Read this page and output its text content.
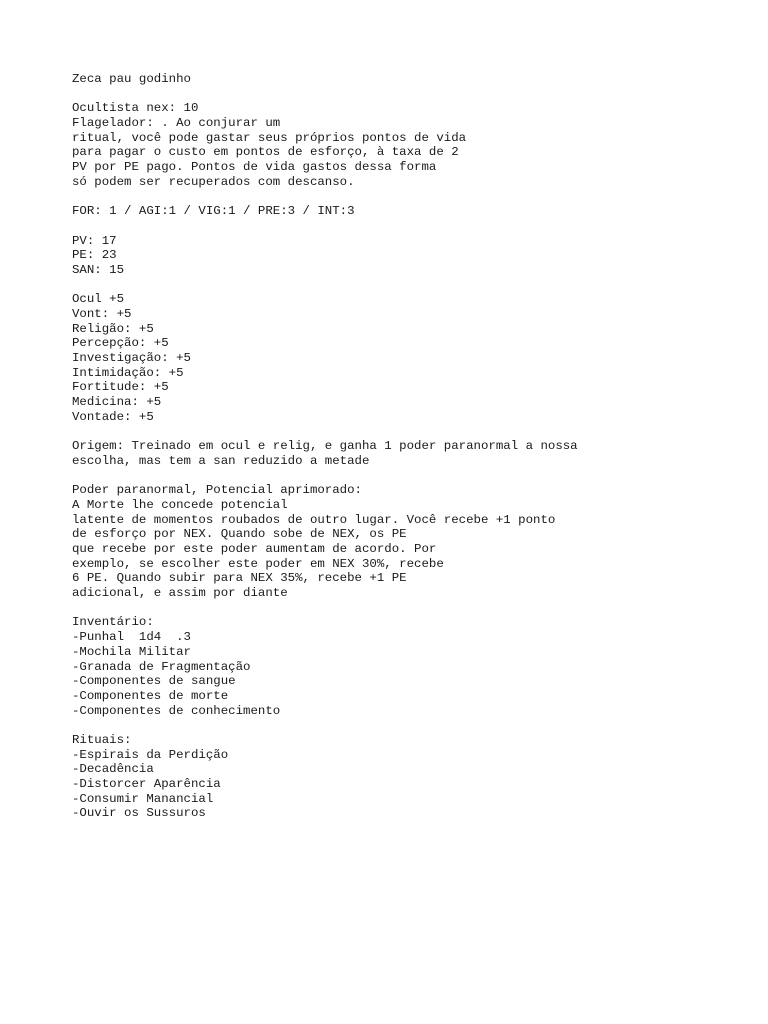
Zeca pau godinho
Ocultista nex: 10
Flagelador: . Ao conjurar um
ritual, você pode gastar seus próprios pontos de vida
para pagar o custo em pontos de esforço, à taxa de 2
PV por PE pago. Pontos de vida gastos dessa forma
só podem ser recuperados com descanso.
FOR: 1 / AGI:1 / VIG:1 / PRE:3 / INT:3
PV: 17
PE: 23
SAN: 15
Ocul +5
Vont: +5
Religão: +5
Percepção: +5
Investigação: +5
Intimidação: +5
Fortitude: +5
Medicina: +5
Vontade: +5
Origem: Treinado em ocul e relig, e ganha 1 poder paranormal a nossa
escolha, mas tem a san reduzido a metade
Poder paranormal, Potencial aprimorado:
A Morte lhe concede potencial
latente de momentos roubados de outro lugar. Você recebe +1 ponto
de esforço por NEX. Quando sobe de NEX, os PE
que recebe por este poder aumentam de acordo. Por
exemplo, se escolher este poder em NEX 30%, recebe
6 PE. Quando subir para NEX 35%, recebe +1 PE
adicional, e assim por diante
Inventário:
-Punhal  1d4  .3
-Mochila Militar
-Granada de Fragmentação
-Componentes de sangue
-Componentes de morte
-Componentes de conhecimento
Rituais:
-Espirais da Perdição
-Decadência
-Distorcer Aparência
-Consumir Manancial
-Ouvir os Sussuros
